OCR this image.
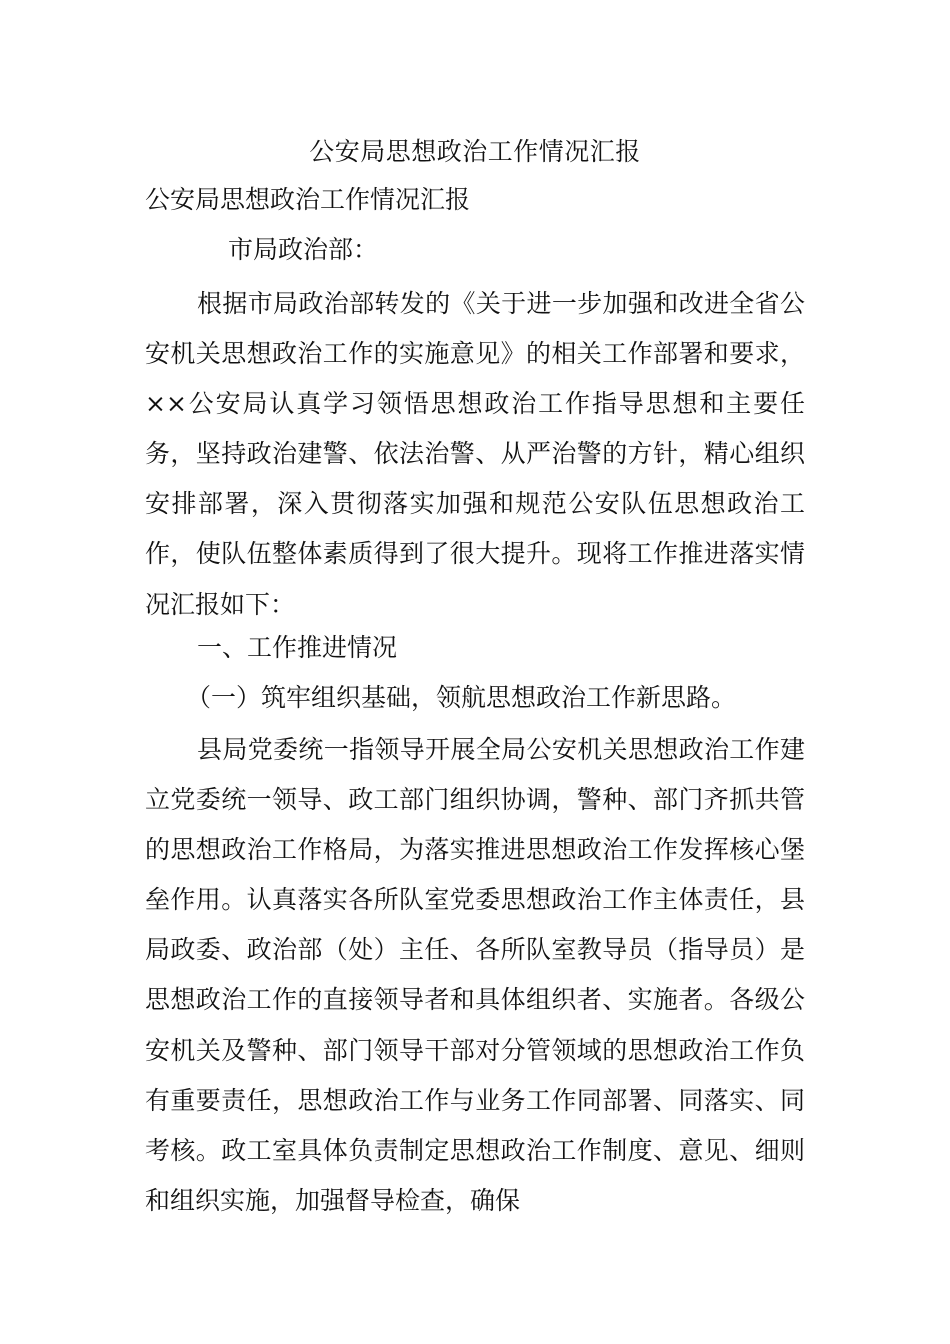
公安局思想政治工作情况汇报
公安局思想政治工作情况汇报
市局政治部：
根据市局政治部转发的《关于进一步加强和改进全省公安机关思想政治工作的实施意见》的相关工作部署和要求，××公安局认真学习领悟思想政治工作指导思想和主要任务，坚持政治建警、依法治警、从严治警的方针，精心组织安排部署，深入贯彻落实加强和规范公安队伍思想政治工作，使队伍整体素质得到了很大提升。现将工作推进落实情况汇报如下：
一、工作推进情况
（一）筑牢组织基础，领航思想政治工作新思路。
县局党委统一指领导开展全局公安机关思想政治工作建立党委统一领导、政工部门组织协调，警种、部门齐抓共管的思想政治工作格局，为落实推进思想政治工作发挥核心堡垒作用。认真落实各所队室党委思想政治工作主体责任，县局政委、政治部（处）主任、各所队室教导员（指导员）是思想政治工作的直接领导者和具体组织者、实施者。各级公安机关及警种、部门领导干部对分管领域的思想政治工作负有重要责任，思想政治工作与业务工作同部署、同落实、同考核。政工室具体负责制定思想政治工作制度、意见、细则和组织实施，加强督导检查，确保
